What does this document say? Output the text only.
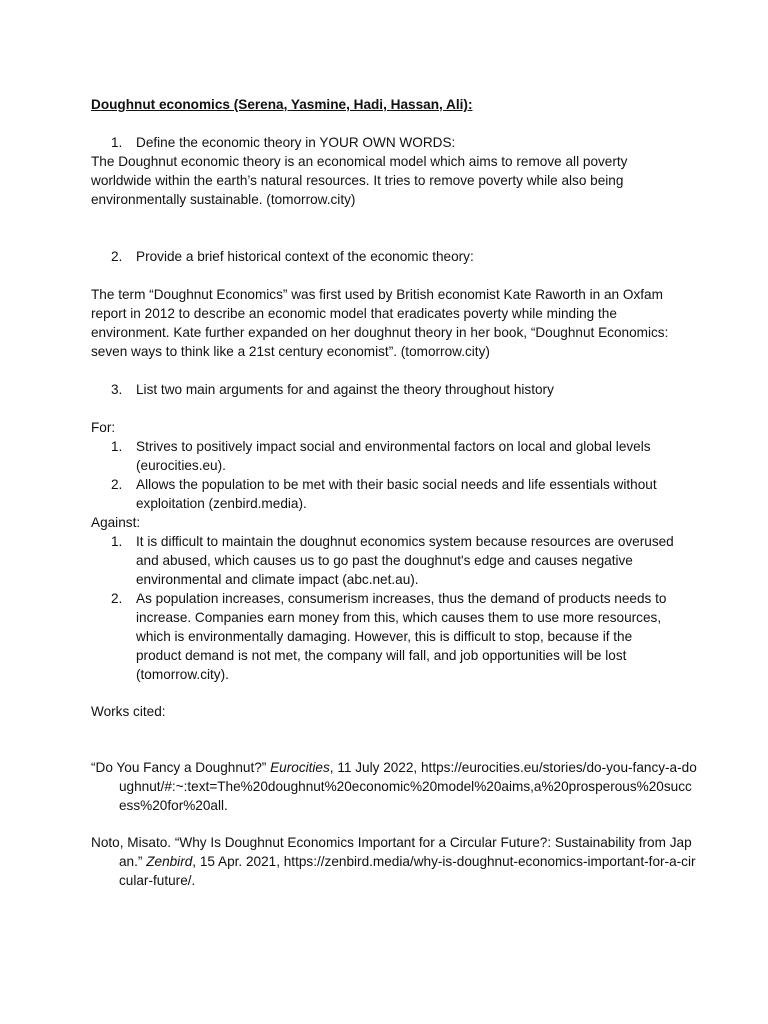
Doughnut economics (Serena, Yasmine, Hadi, Hassan, Ali):
1. Define the economic theory in YOUR OWN WORDS:

The Doughnut economic theory is an economical model which aims to remove all poverty worldwide within the earth’s natural resources. It tries to remove poverty while also being environmentally sustainable. (tomorrow.city)

2. Provide a brief historical context of the economic theory:

The term “Doughnut Economics” was first used by British economist Kate Raworth in an Oxfam report in 2012 to describe an economic model that eradicates poverty while minding the environment. Kate further expanded on her doughnut theory in her book, “Doughnut Economics: seven ways to think like a 21st century economist”. (tomorrow.city)

3. List two main arguments for and against the theory throughout history
For:
1. Strives to positively impact social and environmental factors on local and global levels (eurocities.eu).
2. Allows the population to be met with their basic social needs and life essentials without exploitation (zenbird.media).
Against:
1. It is difficult to maintain the doughnut economics system because resources are overused and abused, which causes us to go past the doughnut's edge and causes negative environmental and climate impact (abc.net.au).
2. As population increases, consumerism increases, thus the demand of products needs to increase. Companies earn money from this, which causes them to use more resources, which is environmentally damaging. However, this is difficult to stop, because if the product demand is not met, the company will fall, and job opportunities will be lost (tomorrow.city).
Works cited:
“Do You Fancy a Doughnut?” Eurocities, 11 July 2022, https://eurocities.eu/stories/do-you-fancy-a-doughnut/#:~:text=The%20doughnut%20economic%20model%20aims,a%20prosperous%20success%20for%20all.
Noto, Misato. “Why Is Doughnut Economics Important for a Circular Future?: Sustainability from Japan.” Zenbird, 15 Apr. 2021, https://zenbird.media/why-is-doughnut-economics-important-for-a-circular-future/.
